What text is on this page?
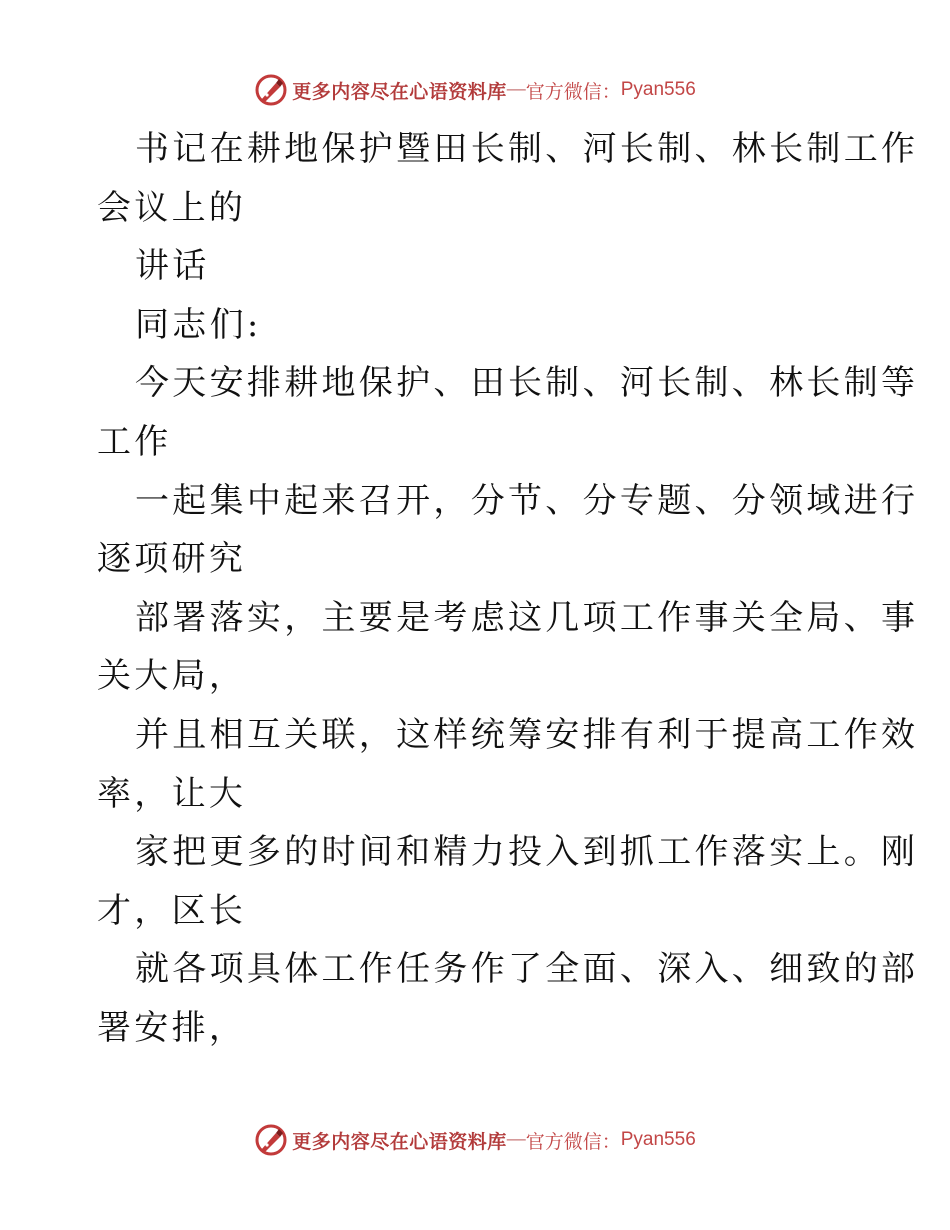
更多内容尽在心语资料库 — 官方微信： Pyan556
书记在耕地保护暨田长制、河长制、林长制工作
会议上的
讲话
同志们:
今天安排耕地保护、田长制、河长制、林长制等
工作
一起集中起来召开，分节、分专题、分领域进行
逐项研究
部署落实，主要是考虑这几项工作事关全局、事
关大局，
并且相互关联，这样统筹安排有利于提高工作效
率，让大
家把更多的时间和精力投入到抓工作落实上。刚
才，区长
就各项具体工作任务作了全面、深入、细致的部
署安排，
更多内容尽在心语资料库 — 官方微信： Pyan556
